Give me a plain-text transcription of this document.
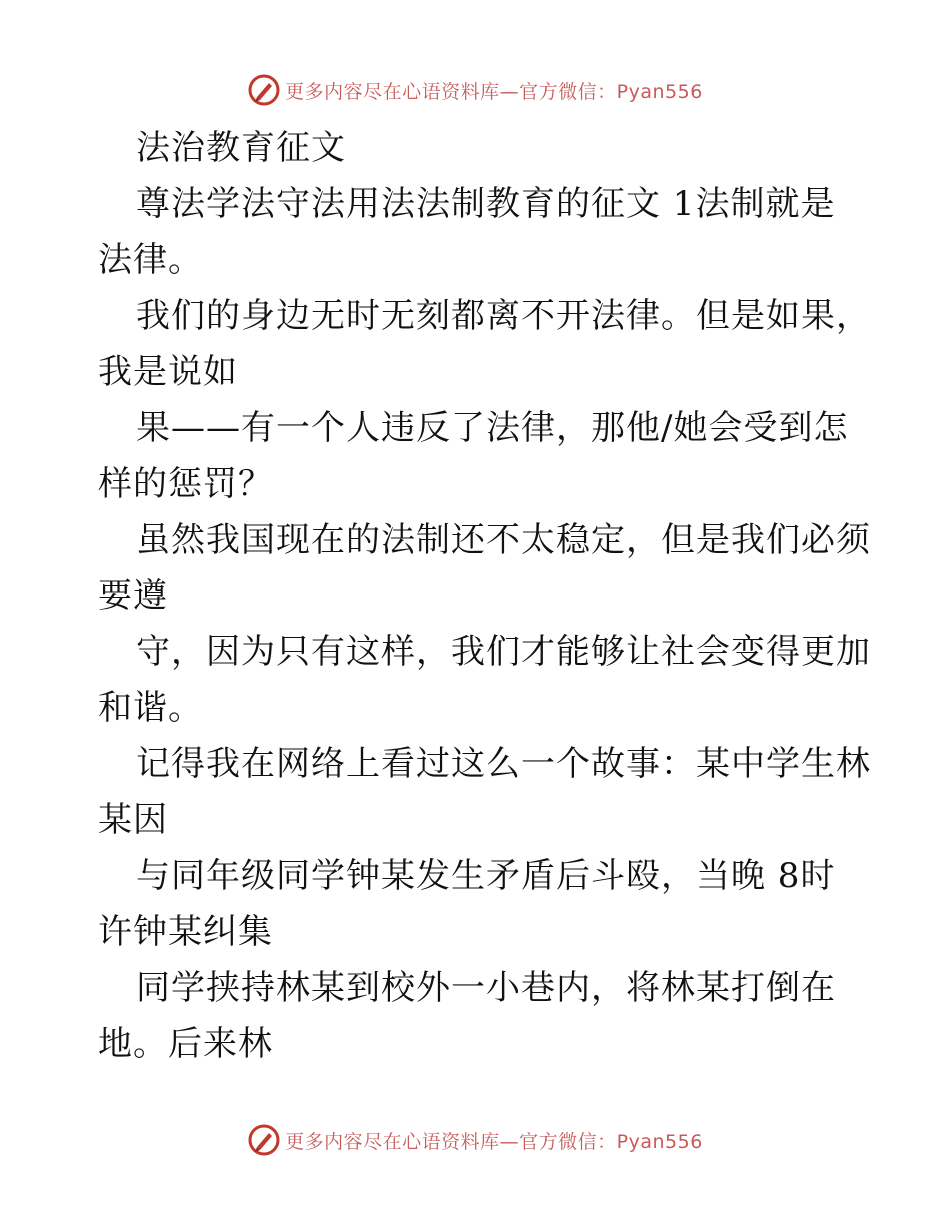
更多内容尽在心语资料库—官方微信：Pyan556
法治教育征文
尊法学法守法用法法制教育的征文 1法制就是
法律。
我们的身边无时无刻都离不开法律。但是如果，
我是说如
果——有一个人违反了法律，那他/她会受到怎
样的惩罚？
虽然我国现在的法制还不太稳定，但是我们必须
要遵
守，因为只有这样，我们才能够让社会变得更加
和谐。
记得我在网络上看过这么一个故事：某中学生林
某因
与同年级同学钟某发生矛盾后斗殴，当晚 8时
许钟某纠集
同学挟持林某到校外一小巷内，将林某打倒在
地。后来林
更多内容尽在心语资料库—官方微信：Pyan556
